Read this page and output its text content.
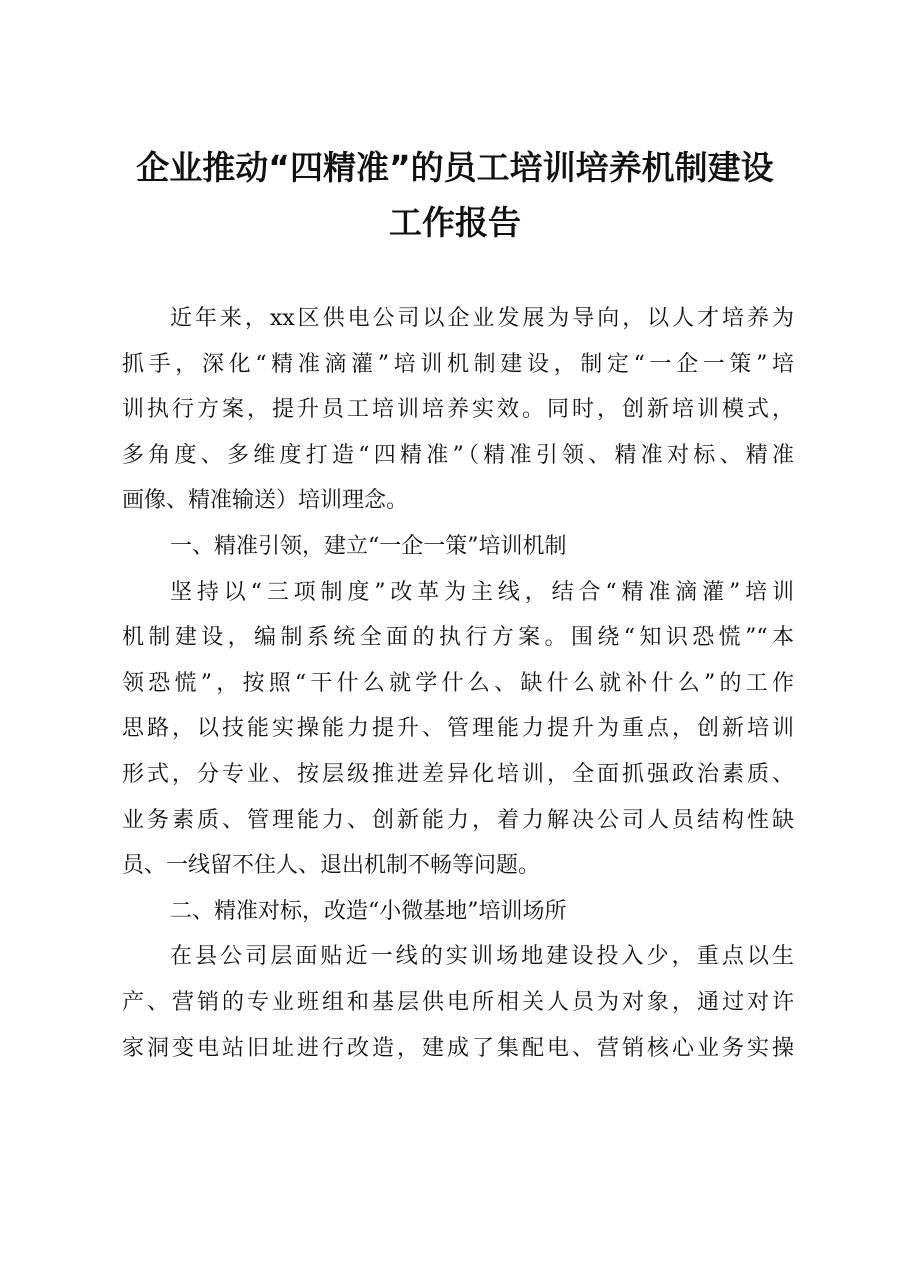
企业推动“四精准”的员工培训培养机制建设
工作报告
近年来，xx区供电公司以企业发展为导向，以人才培养为
抓手，深化“精准滴灌”培训机制建设，制定“一企一策”培
训执行方案，提升员工培训培养实效。同时，创新培训模式，
多角度、多维度打造“四精准”（精准引领、精准对标、精准
画像、精准输送）培训理念。
一、精准引领，建立“一企一策”培训机制
坚持以“三项制度”改革为主线，结合“精准滴灌”培训
机制建设，编制系统全面的执行方案。围绕“知识恐慌”“本
领恐慌”，按照“干什么就学什么、缺什么就补什么”的工作
思路，以技能实操能力提升、管理能力提升为重点，创新培训
形式，分专业、按层级推进差异化培训，全面抓强政治素质、
业务素质、管理能力、创新能力，着力解决公司人员结构性缺
员、一线留不住人、退出机制不畅等问题。
二、精准对标，改造“小微基地”培训场所
在县公司层面贴近一线的实训场地建设投入少，重点以生
产、营销的专业班组和基层供电所相关人员为对象，通过对许
家洞变电站旧址进行改造，建成了集配电、营销核心业务实操
